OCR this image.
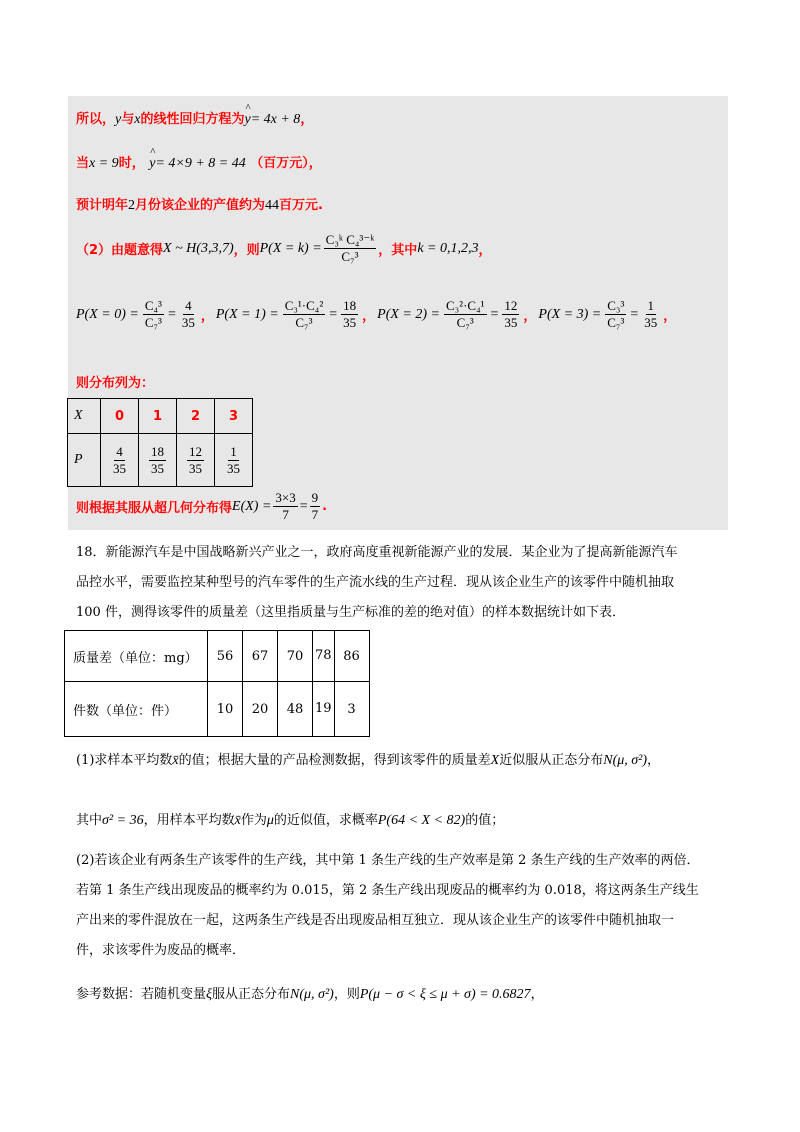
所以，y与x的线性回归方程为^ y= 4x + 8，
当x = 9时， ^ y= 4×9 + 8 = 44 （百万元），
预计明年2月份该企业的产值约为44百万元.
（2）由题意得 X ~ H(3,3,7) ，则 $P(X = k) = \frac{\text{C₃ᵏ C₄³⁻ᵏ}}{\text{C₇³}}$ ，其中 k = 0,1,2,3 ，
$P(X = 0) = \frac{\text{C₄³}}{\text{C₇³}} = \frac{4}{35}$ ， $P(X = 1) = \frac{\text{C₃¹·C₄²}}{\text{C₇³}} = \frac{18}{35}$ ， $P(X = 2) = \frac{\text{C₃²·C₄¹}}{\text{C₇³}} = \frac{12}{35}$ ， $P(X = 3) = \frac{\text{C₃³}}{\text{C₇³}} = \frac{1}{35}$ ，
则分布列为：
X	0	1	2	3
P	$\frac{4}{35}$	$\frac{18}{35}$	$\frac{12}{35}$	$\frac{1}{35}$
则根据其服从超几何分布得 $E(X) = \frac{3\times 3}{7} = \frac{9}{7}$ .
18．新能源汽车是中国战略新兴产业之一，政府高度重视新能源产业的发展．某企业为了提高新能源汽车
品控水平，需要监控某种型号的汽车零件的生产流水线的生产过程．现从该企业生产的该零件中随机抽取
100 件，测得该零件的质量差（这里指质量与生产标准的差的绝对值）的样本数据统计如下表．
质量差（单位：mg）	56	67	70	78	86
件数（单位：件）	10	20	48	19	3
(1)求样本平均数x̄的值；根据大量的产品检测数据，得到该零件的质量差X近似服从正态分布N(μ, σ²)，
其中σ² = 36，用样本平均数x̄作为μ的近似值，求概率P(64 < X < 82)的值；
(2)若该企业有两条生产该零件的生产线，其中第 1 条生产线的生产效率是第 2 条生产线的生产效率的两倍．
若第 1 条生产线出现废品的概率约为 0.015，第 2 条生产线出现废品的概率约为 0.018，将这两条生产线生
产出来的零件混放在一起，这两条生产线是否出现废品相互独立．现从该企业生产的该零件中随机抽取一
件，求该零件为废品的概率．
参考数据：若随机变量ξ服从正态分布N(μ, σ²)，则P(μ − σ < ξ ≤ μ + σ) = 0.6827，
